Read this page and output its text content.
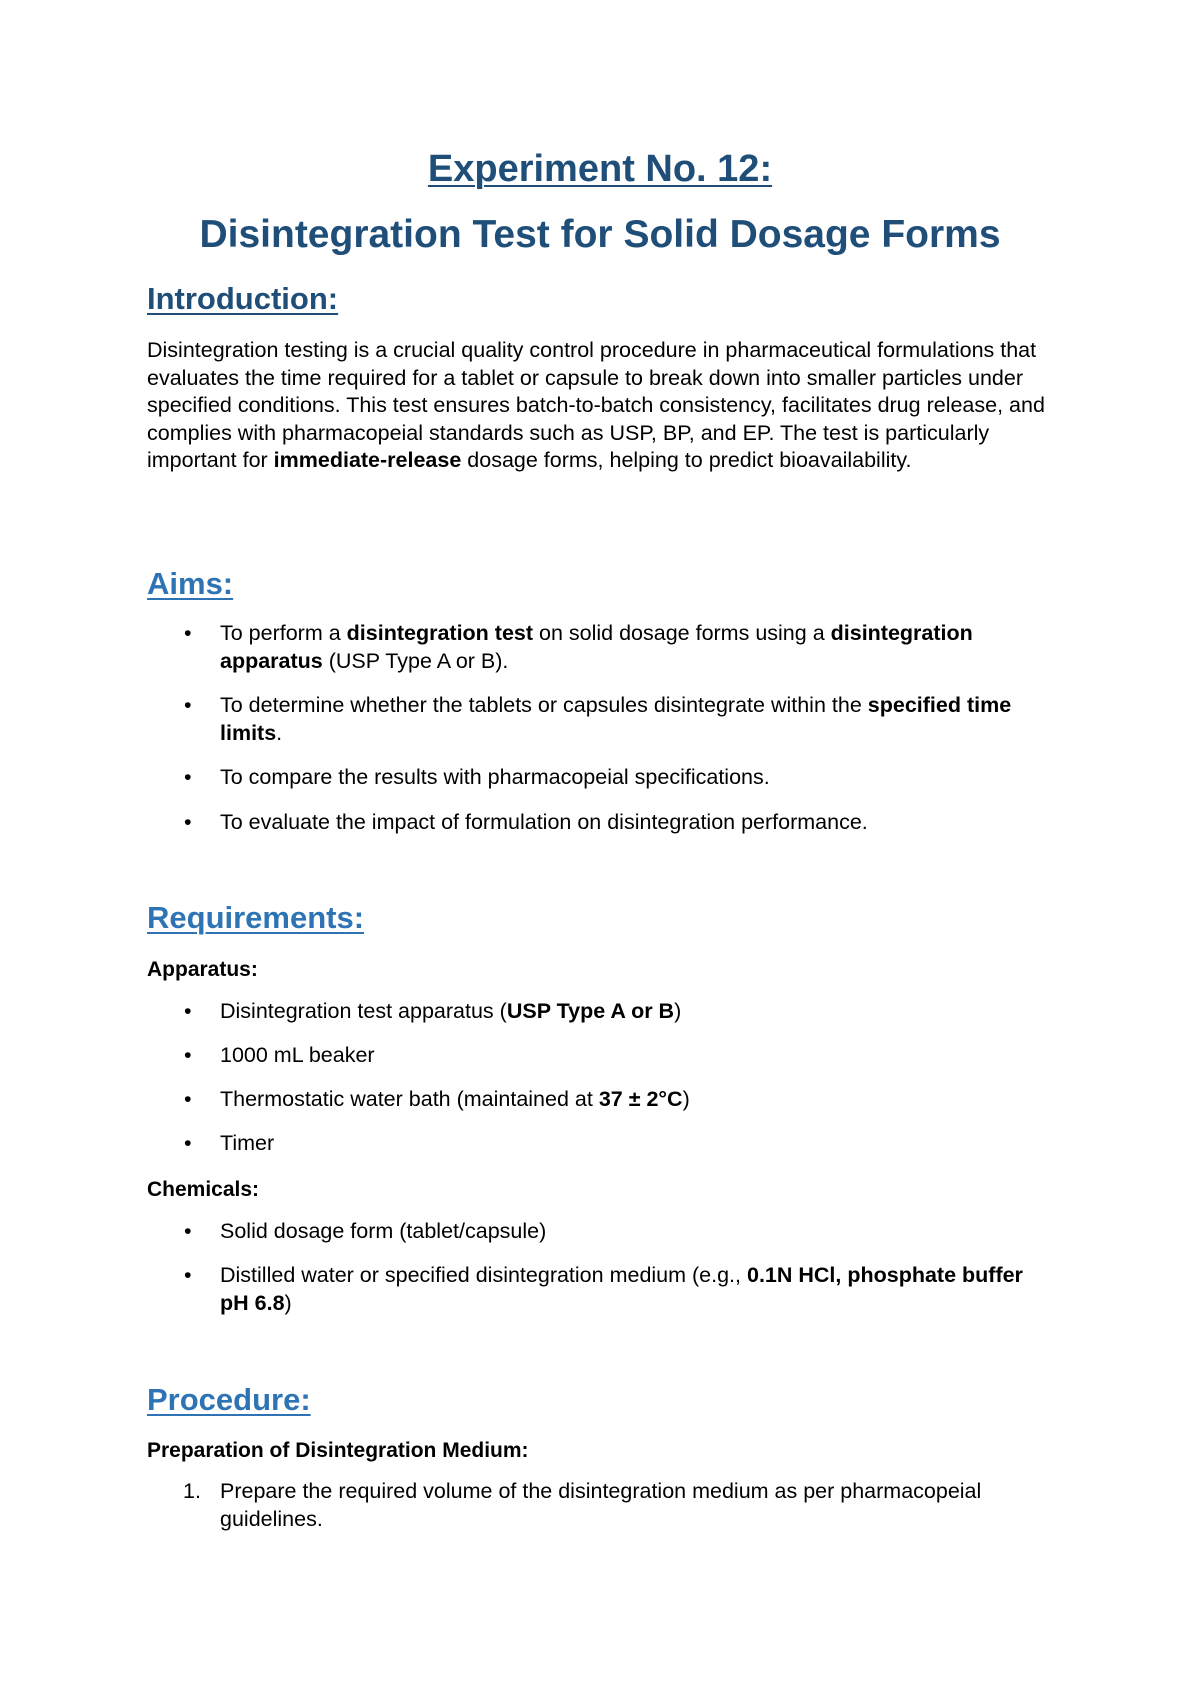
Experiment No. 12:
Disintegration Test for Solid Dosage Forms
Introduction:

Disintegration testing is a crucial quality control procedure in pharmaceutical formulations that evaluates the time required for a tablet or capsule to break down into smaller particles under specified conditions. This test ensures batch-to-batch consistency, facilitates drug release, and complies with pharmacopeial standards such as USP, BP, and EP. The test is particularly important for immediate-release dosage forms, helping to predict bioavailability.

Aims:
• To perform a disintegration test on solid dosage forms using a disintegration apparatus (USP Type A or B).
• To determine whether the tablets or capsules disintegrate within the specified time limits.
• To compare the results with pharmacopeial specifications.
• To evaluate the impact of formulation on disintegration performance.
Requirements:

Apparatus:

• Disintegration test apparatus (USP Type A or B)
• 1000 mL beaker
• Thermostatic water bath (maintained at 37 ± 2°C)
• Timer

Chemicals:

• Solid dosage form (tablet/capsule)
• Distilled water or specified disintegration medium (e.g., 0.1N HCl, phosphate buffer pH 6.8)
Procedure:

Preparation of Disintegration Medium:

1. Prepare the required volume of the disintegration medium as per pharmacopeial guidelines.
